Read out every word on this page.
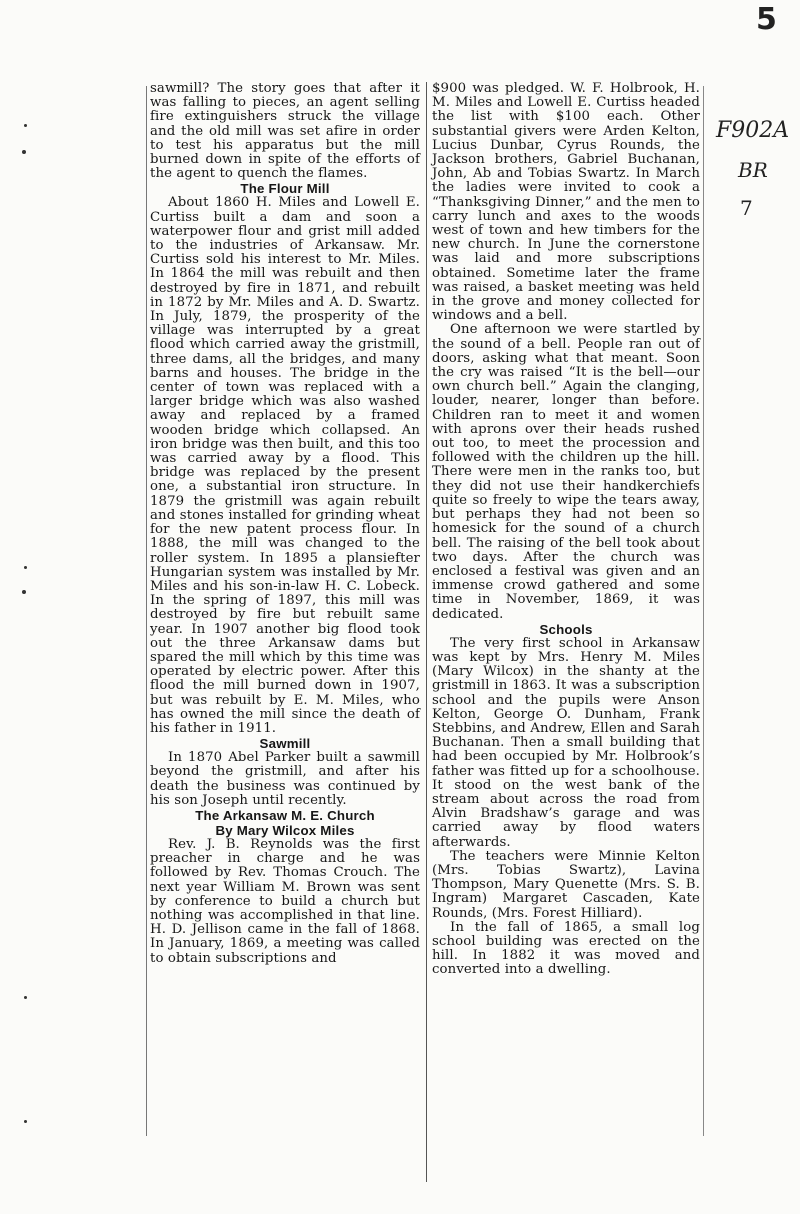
5
F902A
BR
7

sawmill? The story goes that after it was falling to pieces, an agent selling fire extinguishers struck the village and the old mill was set afire in order to test his apparatus but the mill burned down in spite of the efforts of the agent to quench the flames.

The Flour Mill

About 1860 H. Miles and Lowell E. Curtiss built a dam and soon a waterpower flour and grist mill added to the industries of Arkansaw. Mr. Curtiss sold his interest to Mr. Miles. In 1864 the mill was rebuilt and then destroyed by fire in 1871, and rebuilt in 1872 by Mr. Miles and A. D. Swartz. In July, 1879, the prosperity of the village was interrupted by a great flood which carried away the gristmill, three dams, all the bridges, and many barns and houses. The bridge in the center of town was replaced with a larger bridge which was also washed away and replaced by a framed wooden bridge which collapsed. An iron bridge was then built, and this too was carried away by a flood. This bridge was replaced by the present one, a substantial iron structure. In 1879 the gristmill was again rebuilt and stones installed for grinding wheat for the new patent process flour. In 1888, the mill was changed to the roller system. In 1895 a plansiefter Hungarian system was installed by Mr. Miles and his son-in-law H. C. Lobeck. In the spring of 1897, this mill was destroyed by fire but rebuilt same year. In 1907 another big flood took out the three Arkansaw dams but spared the mill which by this time was operated by electric power. After this flood the mill burned down in 1907, but was rebuilt by E. M. Miles, who has owned the mill since the death of his father in 1911.

Sawmill

In 1870 Abel Parker built a sawmill beyond the gristmill, and after his death the business was continued by his son Joseph until recently.

The Arkansaw M. E. Church
By Mary Wilcox Miles

Rev. J. B. Reynolds was the first preacher in charge and he was followed by Rev. Thomas Crouch. The next year William M. Brown was sent by conference to build a church but nothing was accomplished in that line. H. D. Jellison came in the fall of 1868. In January, 1869, a meeting was called to obtain subscriptions and

$900 was pledged. W. F. Holbrook, H. M. Miles and Lowell E. Curtiss headed the list with $100 each. Other substantial givers were Arden Kelton, Lucius Dunbar, Cyrus Rounds, the Jackson brothers, Gabriel Buchanan, John, Ab and Tobias Swartz. In March the ladies were invited to cook a “Thanksgiving Dinner,” and the men to carry lunch and axes to the woods west of town and hew timbers for the new church. In June the cornerstone was laid and more subscriptions obtained. Sometime later the frame was raised, a basket meeting was held in the grove and money collected for windows and a bell.

One afternoon we were startled by the sound of a bell. People ran out of doors, asking what that meant. Soon the cry was raised “It is the bell—our own church bell.” Again the clanging, louder, nearer, longer than before. Children ran to meet it and women with aprons over their heads rushed out too, to meet the procession and followed with the children up the hill. There were men in the ranks too, but they did not use their handkerchiefs quite so freely to wipe the tears away, but perhaps they had not been so homesick for the sound of a church bell. The raising of the bell took about two days. After the church was enclosed a festival was given and an immense crowd gathered and some time in November, 1869, it was dedicated.

Schools

The very first school in Arkansaw was kept by Mrs. Henry M. Miles (Mary Wilcox) in the shanty at the gristmill in 1863. It was a subscription school and the pupils were Anson Kelton, George O. Dunham, Frank Stebbins, and Andrew, Ellen and Sarah Buchanan. Then a small building that had been occupied by Mr. Holbrook’s father was fitted up for a schoolhouse. It stood on the west bank of the stream about across the road from Alvin Bradshaw’s garage and was carried away by flood waters afterwards.

The teachers were Minnie Kelton (Mrs. Tobias Swartz), Lavina Thompson, Mary Quenette (Mrs. S. B. Ingram) Margaret Cascaden, Kate Rounds, (Mrs. Forest Hilliard).

In the fall of 1865, a small log school building was erected on the hill. In 1882 it was moved and converted into a dwelling.
